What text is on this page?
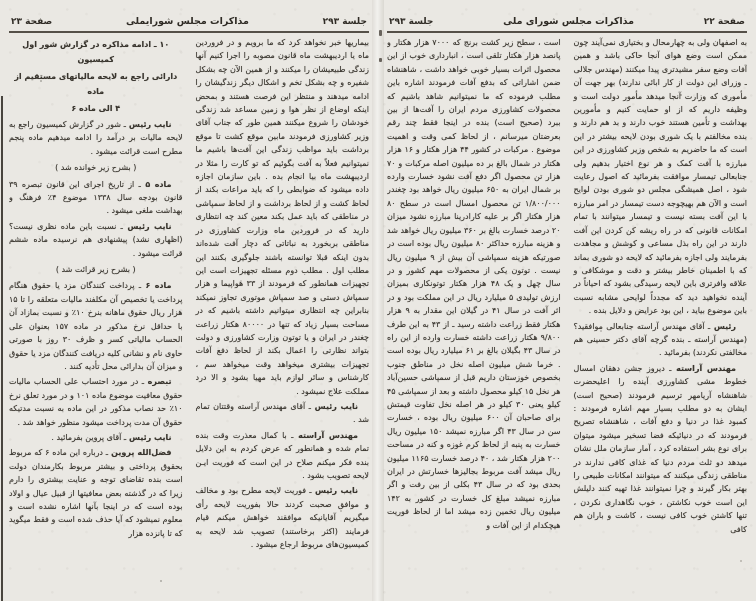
صفحة ۲۳	مذاکرات مجلس شورایملی	جلسة ۲۹۳

بیماریها خبر نخواهد کرد که ما برویم و در فروردین ماه یا اردیبهشت ماه قانون مصوبه را اجرا کنیم آنها زندگی طبیعیشان را میکنند و از همین الآن چه بشکل شفیره و چه بشکل تخم و اشکال دیگر زندگیشان را ادامه میدهند و منتظر این فرصت هستند و بمحض اینکه اوضاع از نظر هوا و زمین مساعد شد زندگی خودشان را شروع میکنند همین طور که جناب آقای وزیر کشاورزی فرمودند مابین موقع کشت تا موقع برداشت باید مواظب زندگی این آفت‌ها باشیم ما نمیتوانیم فعلاً به آفت بگوئیم که تو کارت را مثلا در اردیبهشت ماه بیا انجام بده . باین سازمان اجازه داده میشود که ضوابطی را که باید مراعات بکند از لحاظ کشت و از لحاظ برداشت و از لحاظ سمپاشی در مناطقی که باید عمل بکند معین کند چه انتظاری دارید که در فروردین ماه وزارت کشاورزی در مناطقی بربخورد به نباتاتی که دچار آفت شده‌اند بدون اینکه قبلا توانسته باشند جلوگیری بکنند این مطلب اول . مطلب دوم مسئله تجهیزات است این تجهیزات همانطور که فرمودند از ۳۳ هواپیما و هزار سمپاش دستی و صد سمپاش موتوری تجاوز نمیکند بنابراین چه انتظاری میتوانیم داشته باشیم که در مساحت بسیار زیاد که تنها در ۸۰۰۰۰ هکتار زراعت چغندر در ایران و یا توتون وزارت کشاورزی و دولت بتواند نظارتی را اعمال بکند از لحاظ دفع آفات تجهیزات بیشتری میخواهد وقت میخواهد سم ، کارشناس و سائر لوازم باید مهیا بشود و الا درد مملکت علاج نمیشود .

نایب رئیس ـ آقای مهندس آراسته وقتتان تمام شد .

مهندس آراسته ـ با کمال معذرت وقت بنده تمام شده و همانطور که عرض کردم به این دلایل بنده فکر میکنم صلاح در این است که فوریت ایـن لایحه تصویب بشود .

نایب رئیس ـ فوریت لایحه مطرح بود و مخالف و موافق صحبت کردند حالا بفوریت لایحه رأی میگیریم آقایانیکه موافقند خواهش میکنم قیام فرمایند (اکثر برخاستند) تصویب شد لایحه به کمیسیون‌های مربوط ارجاع میشود .

۱۰ ـ ادامه مذاکره در گزارش شور اول کمیسیون

دارائی راجع به لایحه مالیاتهای مستقیم از ماده

۴ الی ماده ۶

نایب رئیس ـ شور در گزارش کمیسیون راجع به لایحه مالیات بر درآمد را ادامه میدهیم ماده پنجم مطرح است قرائت میشود .

( بشرح زیر خوانده شد )

ماده ۵ ـ از تاریخ اجرای این قانون تبصره ۳۹ قانون بودجه سال ۱۳۳۸ موضوع ۴٪ فرهنگ و بهداشت ملغی میشود .

نایب رئیس ـ نسبت باین ماده نظری نیست؟ (اظهاری نشد) پیشنهادی هم نرسیده ماده ششم قرائت میشود .

( بشرح زیر قرائت شد )

ماده ۶ ـ پرداخت کنندگان مزد یا حقوق هنگام پرداخت یا تخصیص آن مکلفند مالیات متعلقه را تا ۱۵ هزار ریال حقوق ماهانه بنرخ ۱۰٪ و نسبت بمازاد آن با حداقل نرخ مذکور در ماده ۱۵۷ بعنوان علی الحساب مالیاتی کسر و ظرف ۳۰ روز با صورتی حاوی نام و نشانی کلیه دریافت کنندگان مزد یا حقوق و میزان آن بدارائی محل تأدیه کنند .

تبصره ـ در مورد احتساب علی الحساب مالیات حقوق معافیت موضوع ماده ۱۰۱ و در مورد تعلق نرخ ۱۰٪ حد نصاب مذکور در این ماده به نسبت مدتیکه حقوق آن مدت پرداخت میشود منظور خواهد شد .

نایب رئیس ـ آقای پروین بفرمائید .

فضل‌الله پروین ـ درباره این ماده ۶ که مربوط بحقوق پرداختی و بیشتر مربوط بکارمندان دولت است بنده تقاضای توجه و عنایت بیشتری را دارم زیرا که در گذشته بعض معافیتها از قبیل عیال و اولاد بوده است که در اینجا بآنها اشاره نشده است و معلوم نمیشود که آیا حذف شده است و فقط میگوید که تا پانزده هزار

جلسة ۲۹۳	مذاکرات مجلس شورای ملی	صفحة ۲۲

به اصفهان ولی به چهارمحال و بختیاری نمی‌آیند چون ممکن است وضع هوای آنجا حاکی باشد و همین آفات وضع سفر مشیدتری پیدا میکنند (مهندس جلالی ـ وزرای این دولت از کار ابائی ندارند) بهر جهت آن مأموری که وزارت آنجا میدهد مأمور دولت است و وظیفه داریم که از او حمایت کنیم و مأمورین بهداشت و تأمین هستند خوب دارند و بد هم دارند و بنده مخالفتم با یک شوری بودن لایحه بیشتر در این است که ما حاضریم به شخص وزیر کشاورزی در این مبارزه با آفت کمک و هر نوع اختیار بدهیم ولی جنابعالی تیمسار موافقت بفرمائید که اصول رعایت شود ، اصل همیشگی مجلس دو شوری بودن لوایح است و الآن هم بهیچوجه دست تیمسار در امر مبارزه با این آفت بسته نیست و تیمسار میتوانند با تمام امکانات قانونی که در راه ریشه کن کردن این آفت دارند در این راه بذل مساعی و کوشش و مجاهدت بفرمایند ولی اجازه بفرمائید که لایحه دو شوری بماند که با اطمینان خاطر بیشتر و دقت و موشکافی و علاقه وافرتری باین لایحه رسیدگی بشود که احیاناً در آینده نخواهید دید که مجدداً لوایحی مشابه نسبت باین موضوع بیاید ، این بود عرایض و دلایل بنده .

رئیس ـ آقای مهندس آراسته جنابعالی موافقید؟ (مهندس آراسته ـ بنده گرچه آقای دکتر حسینی هم مخالفتی نکردند) بفرمائید .

مهندس آراسته ـ دیروز جشن دهقان امسال خطوط مشی کشاورزی آینده را اعلیحضرت شاهنشاه آریامهر ترسیم فرمودند (صحیح است) ایشان به دو مطلب بسیار مهم اشاره فرمودند : کمبود غذا در دنیا و دفع آفات ، شاهنشاه تصریح فرمودند که در دنیائیکه فضا تسخیر میشود میتوان برای نوع بشر استفاده کرد ، آمار سازمان ملل نشان میدهد دو ثلث مردم دنیا که غذای کافی ندارند در مناطقی زندگی میکنند که میتوانند امکانات طبیعی را بهتر بکار گیرند و چرا نمیتوانند غذا تهیه کنند دلیلش این است خوب نکاشتن ، خوب نگاهداری نکردن ، تنها کاشتن خوب کافی نیست ، کاشت و باران هم کافی

است ، سطح زیر کشت برنج که ۷۰۰۰ هزار هکتار و پانصد هزار هکتار تلقی است ، انبارداری خوب از این محصول اثرات بسیار خوبی خواهد داشت ، شاهنشاه ضمن اشاراتی که بدفع آفات فرمودند اشاره باین مطلب فرموده که ما نمیتوانیم شاهد باشیم که محصولات کشاورزی مردم ایران را آفت‌ها از بین ببرد (صحیح است) بنده در اینجا فقط چند رقم بعرضتان میرسانم ، از لحاظ کمی وقت و اهمیت موضوع . مرکبات در کشور ۴۴ هزار هکتار و ۱۶ هزار هکتار در شمال بالغ بر ده میلیون اصله مرکبات و ۷۰ هزار تن محصول اگر دفع آفت نشود خسارت وارده بر شمال ایران به ۶۵۰ میلیون ریال خواهد بود چغندر ۱/۸۰۰/۰۰۰ تن محصول امسال است در سطح ۸۰ هزار هکتار اگر بر علیه کارادرینا مبارزه نشود میزان ۲۰ درصد خسارت بالغ بر ۳۶۰ میلیون ریال خواهد شد و هزینه مبارزه حداکثر ۸۰ میلیون ریال بوده است در صورتیکه هزینه سمپاشی آن بیش از ۹ میلیون ریال نیست . توتون یکی از محصولات مهم کشور و در سال چهل و یک ۴۸ هزار هکتار توتونکاری بمیزان ارزش تولیدی ۵ میلیارد ریال در این مملکت بود و در اثر آفت در سال ۴۱ در گیلان این مقدار به ۹ هزار هکتار فقط زراعت داشته رسید ـ از ۴۳ به این طرف ۹/۸۰۰ هکتار زراعت داشته خسارت وارده از این راه در سال ۴۳ بگیلان بالغ بر ۶۱ میلیارد ریال بوده است . خرما شش میلیون اصله نخل در مناطق جنوب بخصوص خوزستان داریم قبل از سمپاشی حسین‌آباد هر نخل ۱۵ کیلو محصول داشته و بعد از سمپاشی ۴۵ کیلو یعنی ۳۰ کیلو در هر اصله نخل تفاوت قیمتش برای صاحبان آن ۶۰۰ میلیون ریال بوده ، خسارت سن در سال ۴۳ اگر مبارزه نمیشد ۱۵۰ میلیون ریال خسارت به پنبه از لحاظ کرم غوزه و کنه در مساحت ۲۰۰ هزار هکتار شد ، ۴۰ درصد خسارت ۱۱۶۵ میلیون ریال میشد آفت مربوط بجالیزها خسارتش در ایران بحدی بود که در سال ۴۳ بکلی از بین رفت و اگر مبارزه نمیشد مبلغ کل خسارت در کشور به ۱۴۲ میلیون ریال تخمین زده میشد اما از لحاظ فوریت هیچکدام از این آفات و
